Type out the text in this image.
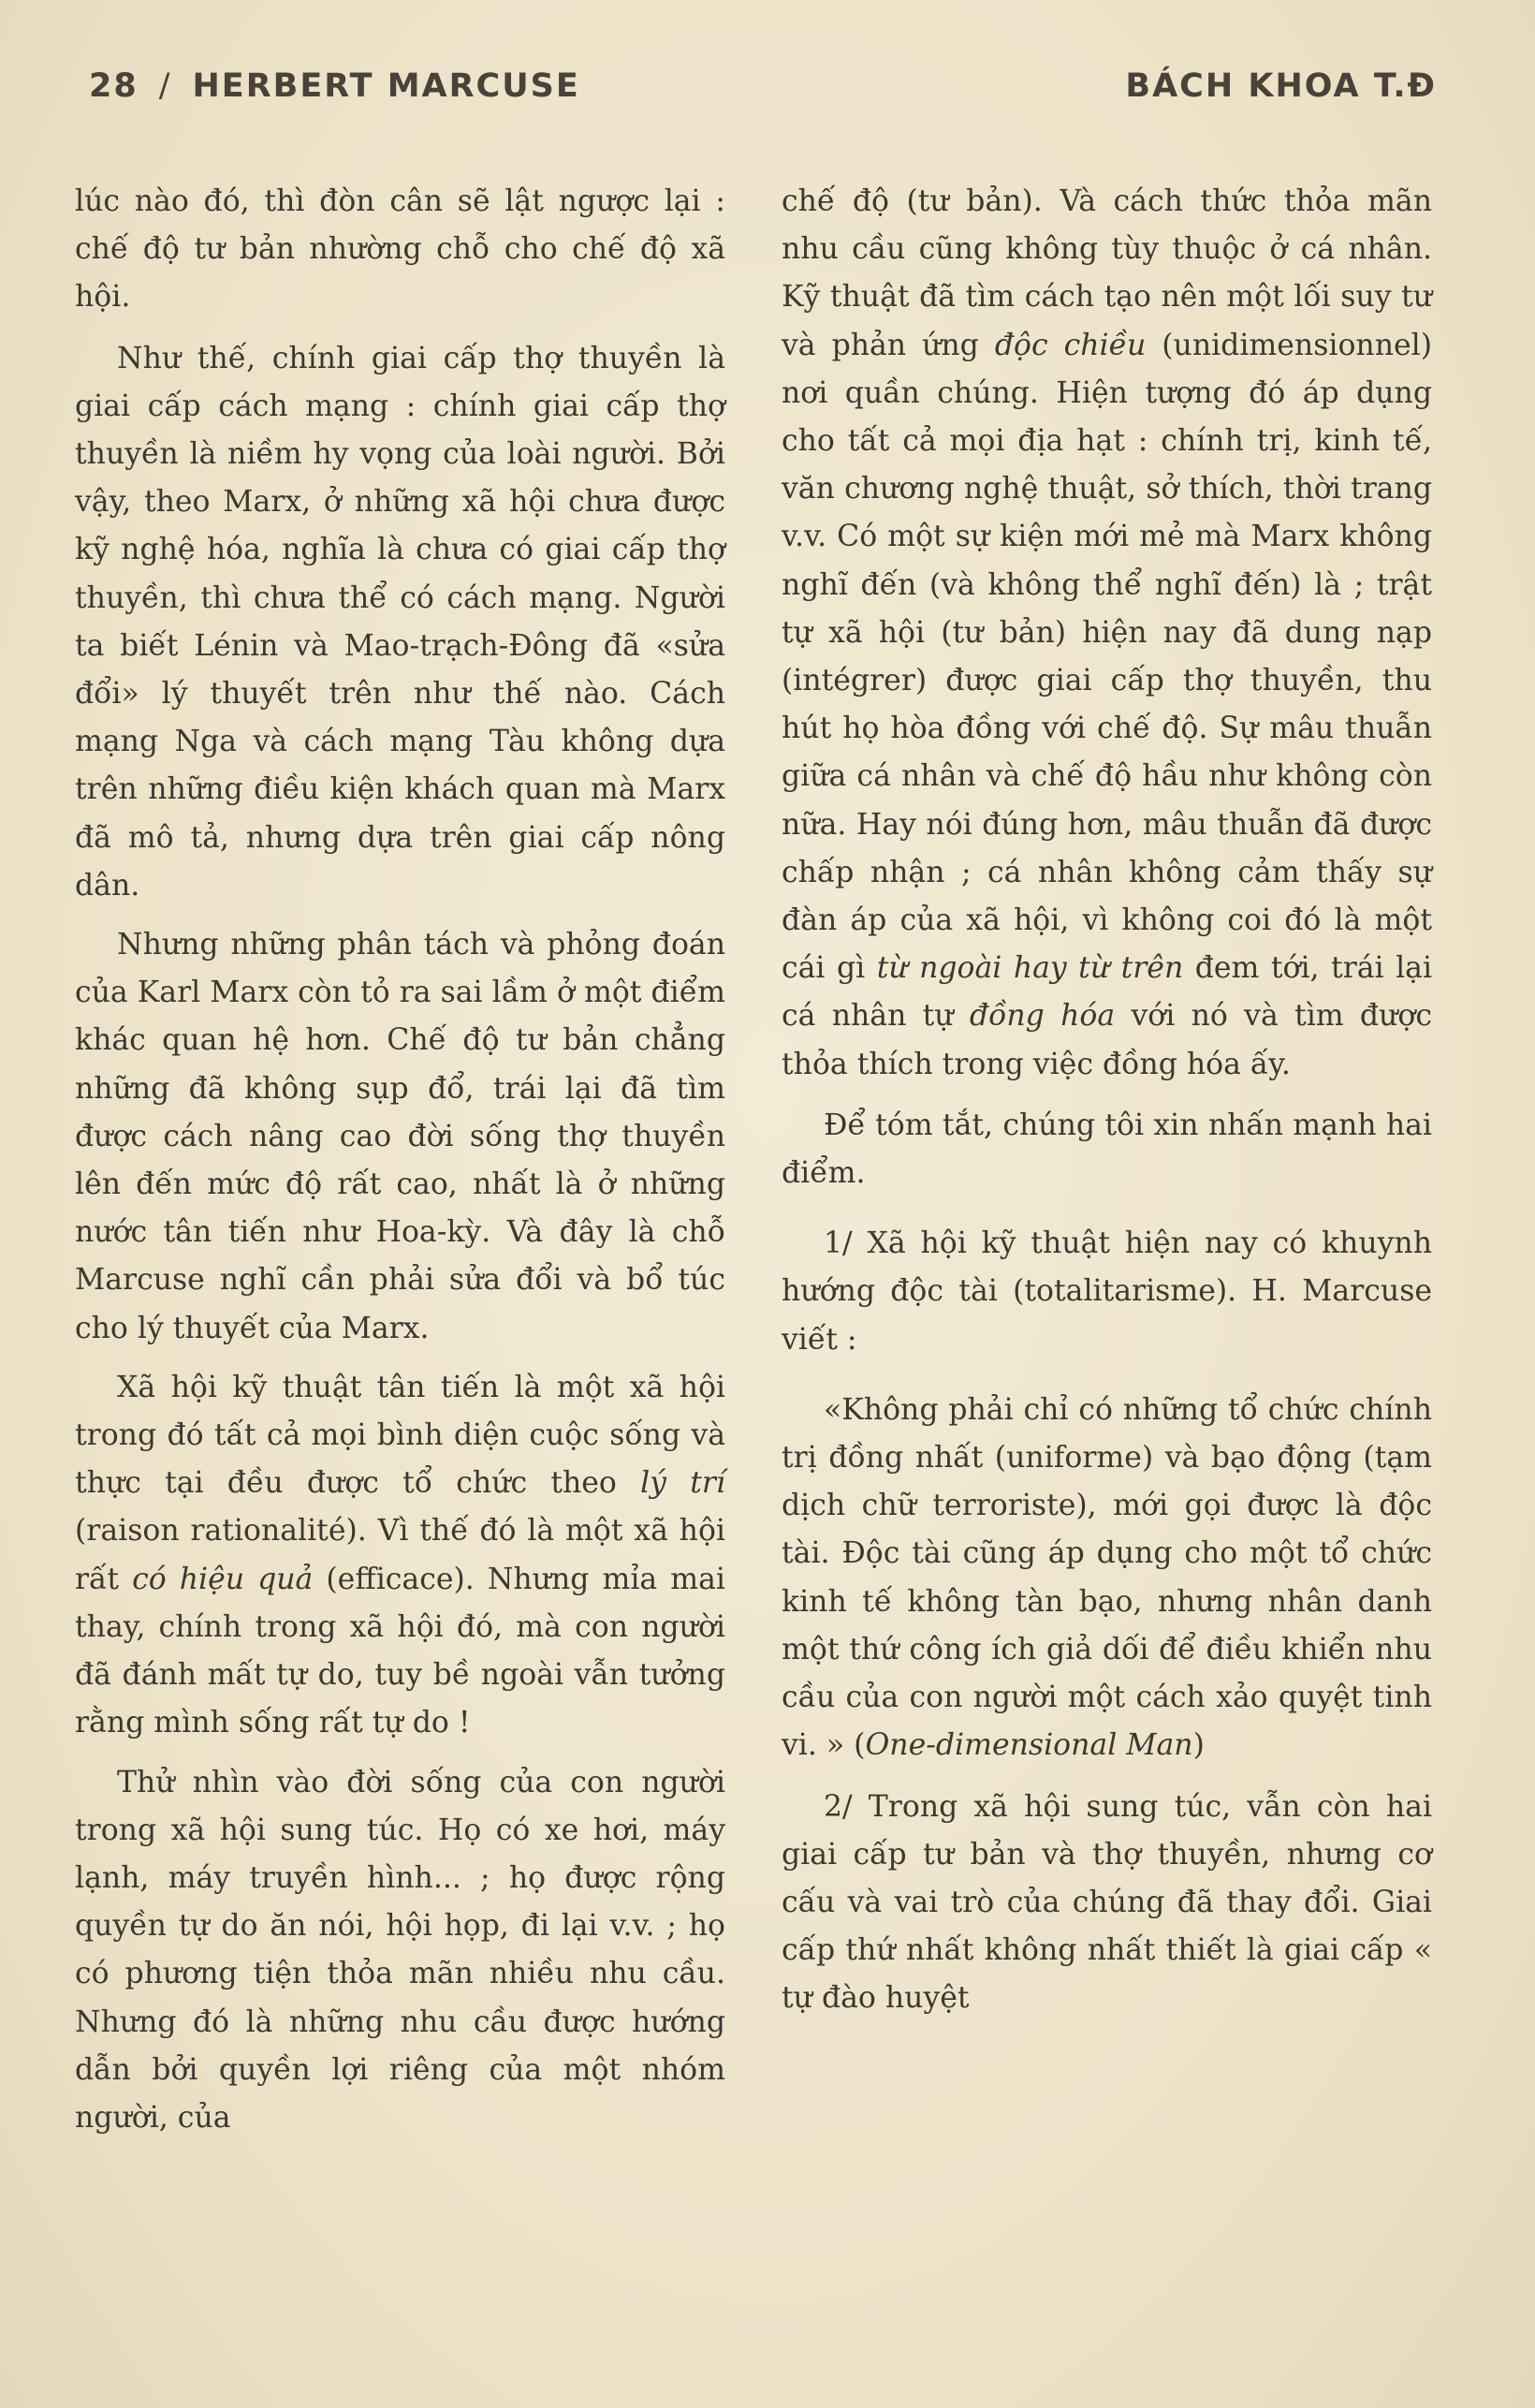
28 / HERBERT MARCUSE	BÁCH KHOA T.Đ

lúc nào đó, thì đòn cân sẽ lật ngược lại : chế độ tư bản nhường chỗ cho chế độ xã hội.

Như thế, chính giai cấp thợ thuyền là giai cấp cách mạng : chính giai cấp thợ thuyền là niềm hy vọng của loài người. Bởi vậy, theo Marx, ở những xã hội chưa được kỹ nghệ hóa, nghĩa là chưa có giai cấp thợ thuyền, thì chưa thể có cách mạng. Người ta biết Lénin và Mao-trạch-Đông đã «sửa đổi» lý thuyết trên như thế nào. Cách mạng Nga và cách mạng Tàu không dựa trên những điều kiện khách quan mà Marx đã mô tả, nhưng dựa trên giai cấp nông dân.

Nhưng những phân tách và phỏng đoán của Karl Marx còn tỏ ra sai lầm ở một điểm khác quan hệ hơn. Chế độ tư bản chẳng những đã không sụp đổ, trái lại đã tìm được cách nâng cao đời sống thợ thuyền lên đến mức độ rất cao, nhất là ở những nước tân tiến như Hoa-kỳ. Và đây là chỗ Marcuse nghĩ cần phải sửa đổi và bổ túc cho lý thuyết của Marx.

Xã hội kỹ thuật tân tiến là một xã hội trong đó tất cả mọi bình diện cuộc sống và thực tại đều được tổ chức theo lý trí (raison rationalité). Vì thế đó là một xã hội rất có hiệu quả (efficace). Nhưng mỉa mai thay, chính trong xã hội đó, mà con người đã đánh mất tự do, tuy bề ngoài vẫn tưởng rằng mình sống rất tự do !

Thử nhìn vào đời sống của con người trong xã hội sung túc. Họ có xe hơi, máy lạnh, máy truyền hình... ; họ được rộng quyền tự do ăn nói, hội họp, đi lại v.v. ; họ có phương tiện thỏa mãn nhiều nhu cầu. Nhưng đó là những nhu cầu được hướng dẫn bởi quyền lợi riêng của một nhóm người, của

chế độ (tư bản). Và cách thức thỏa mãn nhu cầu cũng không tùy thuộc ở cá nhân. Kỹ thuật đã tìm cách tạo nên một lối suy tư và phản ứng độc chiều (unidimensionnel) nơi quần chúng. Hiện tượng đó áp dụng cho tất cả mọi địa hạt : chính trị, kinh tế, văn chương nghệ thuật, sở thích, thời trang v.v. Có một sự kiện mới mẻ mà Marx không nghĩ đến (và không thể nghĩ đến) là ; trật tự xã hội (tư bản) hiện nay đã dung nạp (intégrer) được giai cấp thợ thuyền, thu hút họ hòa đồng với chế độ. Sự mâu thuẫn giữa cá nhân và chế độ hầu như không còn nữa. Hay nói đúng hơn, mâu thuẫn đã được chấp nhận ; cá nhân không cảm thấy sự đàn áp của xã hội, vì không coi đó là một cái gì từ ngoài hay từ trên đem tới, trái lại cá nhân tự đồng hóa với nó và tìm được thỏa thích trong việc đồng hóa ấy.

Để tóm tắt, chúng tôi xin nhấn mạnh hai điểm.

1/ Xã hội kỹ thuật hiện nay có khuynh hướng độc tài (totalitarisme). H. Marcuse viết :

«Không phải chỉ có những tổ chức chính trị đồng nhất (uniforme) và bạo động (tạm dịch chữ terroriste), mới gọi được là độc tài. Độc tài cũng áp dụng cho một tổ chức kinh tế không tàn bạo, nhưng nhân danh một thứ công ích giả dối để điều khiển nhu cầu của con người một cách xảo quyệt tinh vi. » (One-dimensional Man)

2/ Trong xã hội sung túc, vẫn còn hai giai cấp tư bản và thợ thuyền, nhưng cơ cấu và vai trò của chúng đã thay đổi. Giai cấp thứ nhất không nhất thiết là giai cấp « tự đào huyệt
